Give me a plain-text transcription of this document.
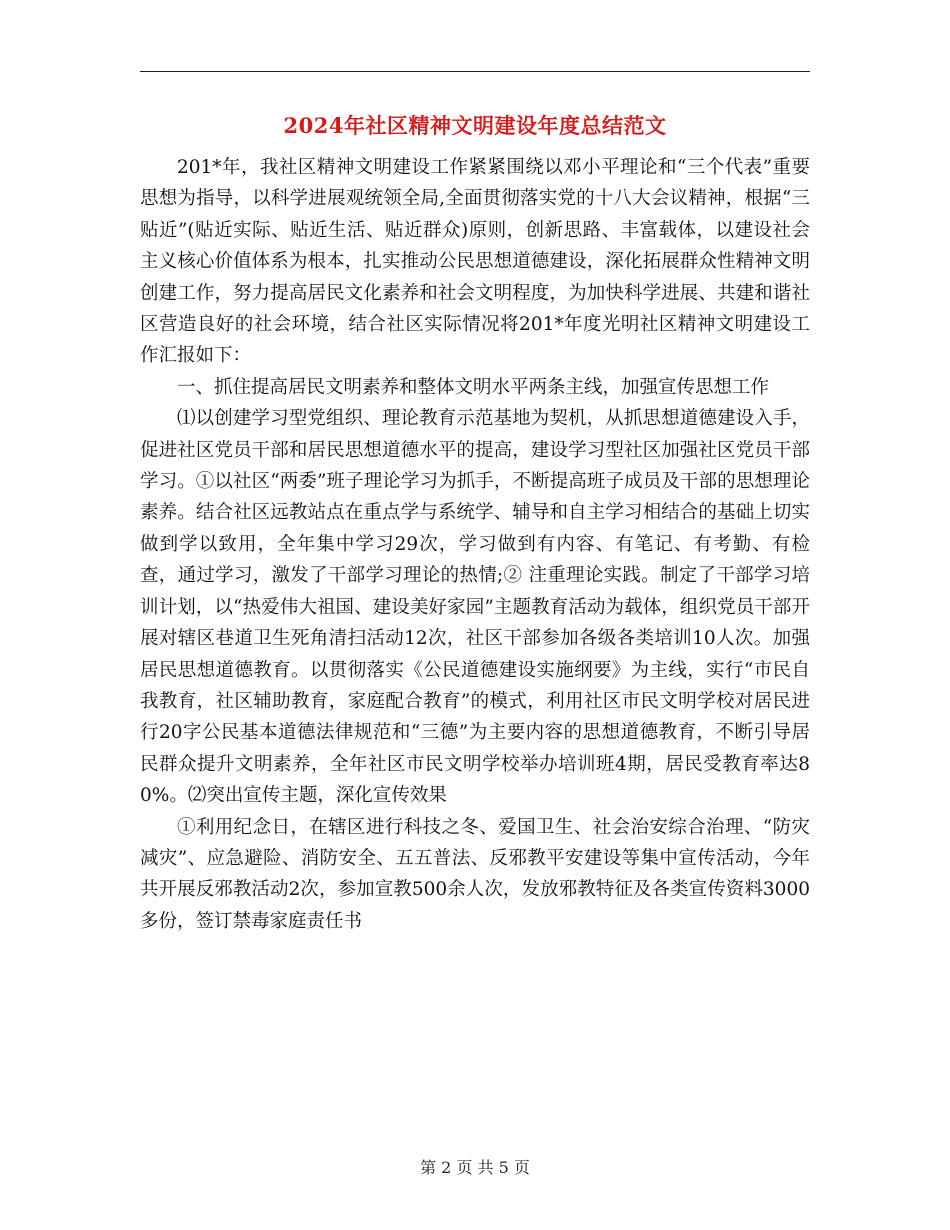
2024年社区精神文明建设年度总结范文

201*年，我社区精神文明建设工作紧紧围绕以邓小平理论和“三个代表”重要思想为指导，以科学进展观统领全局,全面贯彻落实党的十八大会议精神，根据“三贴近”(贴近实际、贴近生活、贴近群众)原则，创新思路、丰富载体，以建设社会主义核心价值体系为根本，扎实推动公民思想道德建设，深化拓展群众性精神文明创建工作，努力提高居民文化素养和社会文明程度，为加快科学进展、共建和谐社区营造良好的社会环境，结合社区实际情况将201*年度光明社区精神文明建设工作汇报如下：

一、抓住提高居民文明素养和整体文明水平两条主线，加强宣传思想工作

⑴以创建学习型党组织、理论教育示范基地为契机，从抓思想道德建设入手，促进社区党员干部和居民思想道德水平的提高，建设学习型社区加强社区党员干部学习。①以社区“两委”班子理论学习为抓手，不断提高班子成员及干部的思想理论素养。结合社区远教站点在重点学与系统学、辅导和自主学习相结合的基础上切实做到学以致用，全年集中学习29次，学习做到有内容、有笔记、有考勤、有检查，通过学习，激发了干部学习理论的热情;② 注重理论实践。制定了干部学习培训计划，以“热爱伟大祖国、建设美好家园”主题教育活动为载体，组织党员干部开展对辖区巷道卫生死角清扫活动12次，社区干部参加各级各类培训10人次。加强居民思想道德教育。以贯彻落实《公民道德建设实施纲要》为主线，实行“市民自我教育，社区辅助教育，家庭配合教育”的模式，利用社区市民文明学校对居民进行20字公民基本道德法律规范和“三德”为主要内容的思想道德教育，不断引导居民群众提升文明素养，全年社区市民文明学校举办培训班4期，居民受教育率达80%。⑵突出宣传主题，深化宣传效果

①利用纪念日，在辖区进行科技之冬、爱国卫生、社会治安综合治理、“防灾减灾”、应急避险、消防安全、五五普法、反邪教平安建设等集中宣传活动，今年共开展反邪教活动2次，参加宣教500余人次，发放邪教特征及各类宣传资料3000多份，签订禁毒家庭责任书

第 2 页 共 5 页
